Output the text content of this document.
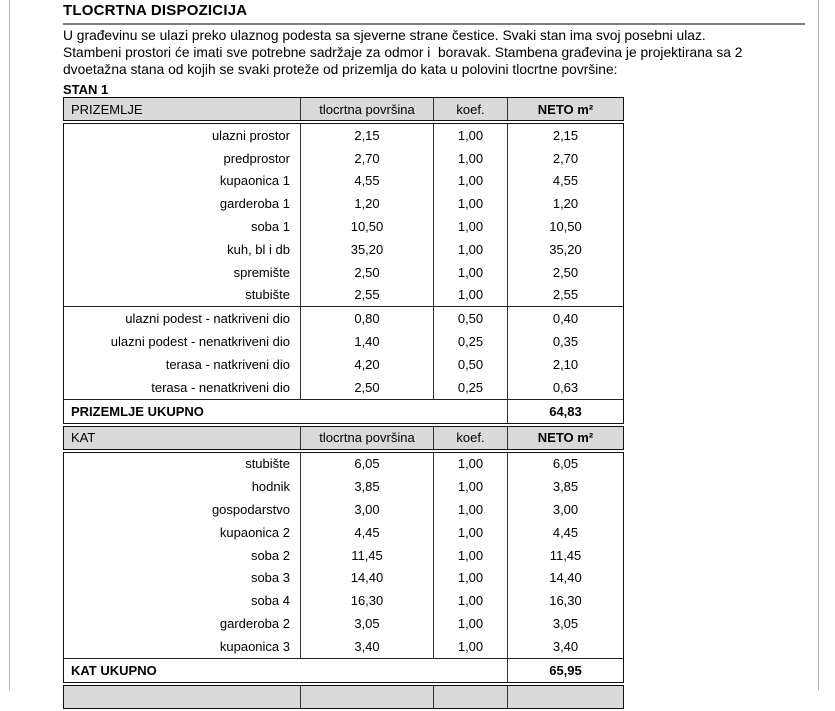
TLOCRTNA DISPOZICIJA
U građevinu se ulazi preko ulaznog podesta sa sjeverne strane čestice. Svaki stan ima svoj posebni ulaz.
Stambeni prostori će imati sve potrebne sadržaje za odmor i  boravak. Stambena građevina je projektirana sa 2
dvoetažna stana od kojih se svaki proteže od prizemlja do kata u polovini tlocrtne površine:
STAN 1
PRIZEMLJE	tlocrtna površina	koef.	NETO m²
ulazni prostor	2,15	1,00	2,15
predprostor	2,70	1,00	2,70
kupaonica 1	4,55	1,00	4,55
garderoba 1	1,20	1,00	1,20
soba 1	10,50	1,00	10,50
kuh, bl i db	35,20	1,00	35,20
spremište	2,50	1,00	2,50
stubište	2,55	1,00	2,55
ulazni podest - natkriveni dio	0,80	0,50	0,40
ulazni podest - nenatkriveni dio	1,40	0,25	0,35
terasa - natkriveni dio	4,20	0,50	2,10
terasa - nenatkriveni dio	2,50	0,25	0,63
PRIZEMLJE UKUPNO	64,83
KAT	tlocrtna površina	koef.	NETO m²
stubište	6,05	1,00	6,05
hodnik	3,85	1,00	3,85
gospodarstvo	3,00	1,00	3,00
kupaonica 2	4,45	1,00	4,45
soba 2	11,45	1,00	11,45
soba 3	14,40	1,00	14,40
soba 4	16,30	1,00	16,30
garderoba 2	3,05	1,00	3,05
kupaonica 3	3,40	1,00	3,40
KAT UKUPNO	65,95
